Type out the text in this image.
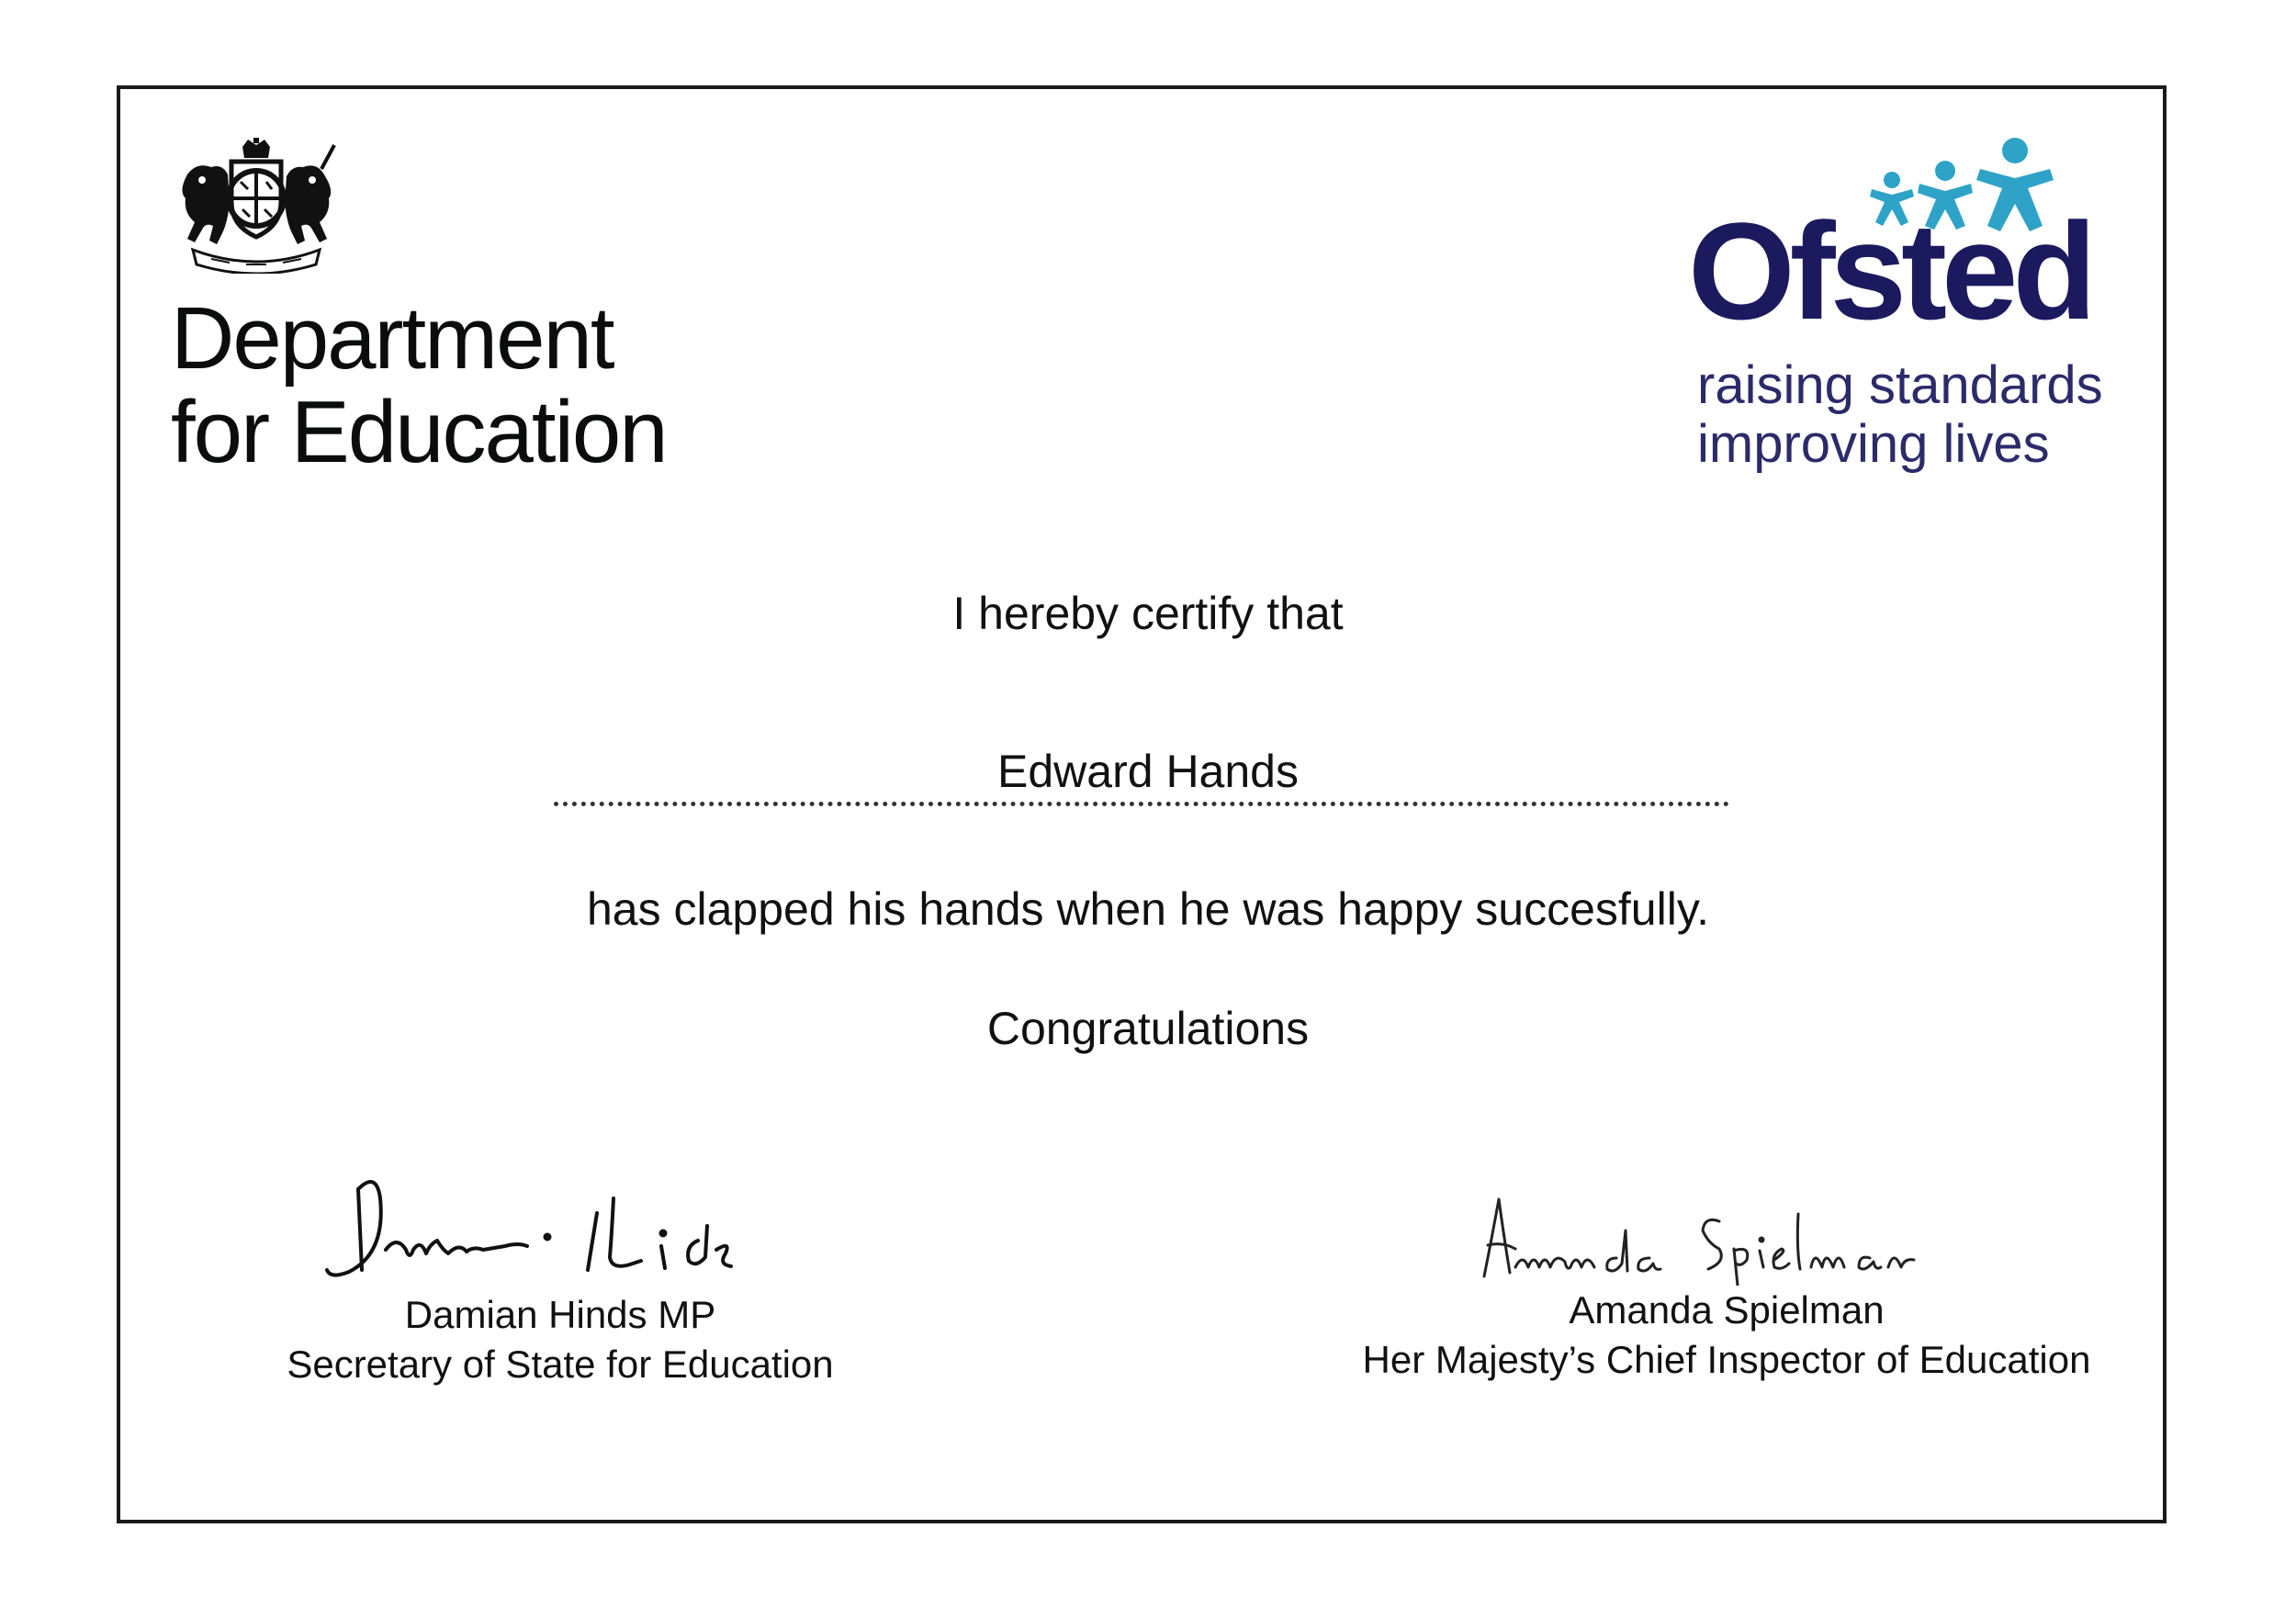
Department
for Education
Ofsted
raising standards
improving lives
I hereby certify that
Edward Hands
has clapped his hands when he was happy succesfully.
Congratulations
Damian Hinds MP
Secretary of State for Education
Amanda Spielman
Her Majesty’s Chief Inspector of Education
